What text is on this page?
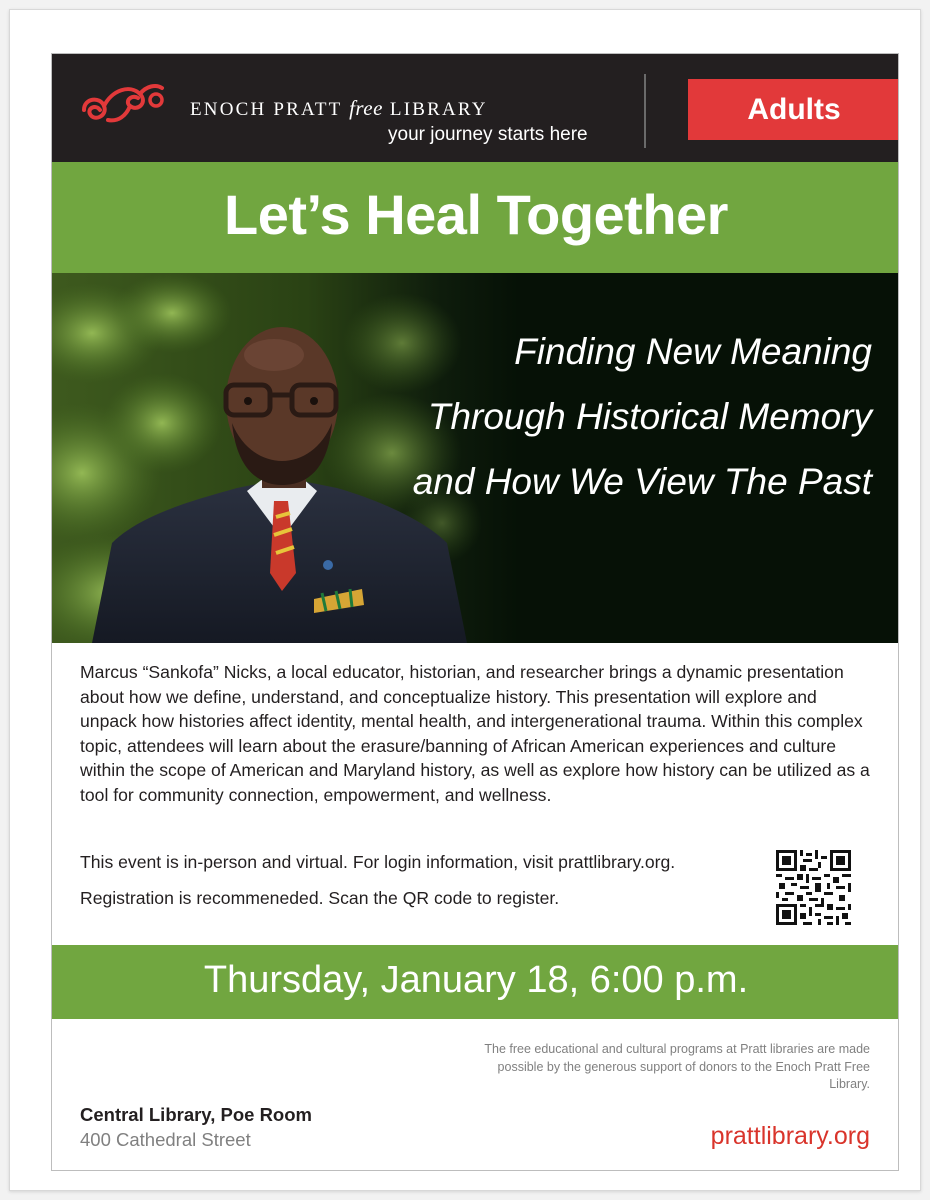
ENOCH PRATT free LIBRARY
your journey starts here
Adults
Let’s Heal Together
Finding New Meaning
Through Historical Memory
and How We View The Past

Marcus “Sankofa” Nicks, a local educator, historian, and researcher brings a dynamic presentation about how we define, understand, and conceptualize history. This presentation will explore and unpack how histories affect identity, mental health, and intergenerational trauma. Within this complex topic, attendees will learn about the erasure/banning of African American experiences and culture within the scope of American and Maryland history, as well as explore how history can be utilized as a tool for community connection, empowerment, and wellness.

This event is in-person and virtual. For login information, visit prattlibrary.org.
Registration is recommeneded. Scan the QR code to register.
Thursday, January 18, 6:00 p.m.
The free educational and cultural programs at Pratt libraries are made possible by the generous support of donors to the Enoch Pratt Free Library.
Central Library, Poe Room
400 Cathedral Street	prattlibrary.org
